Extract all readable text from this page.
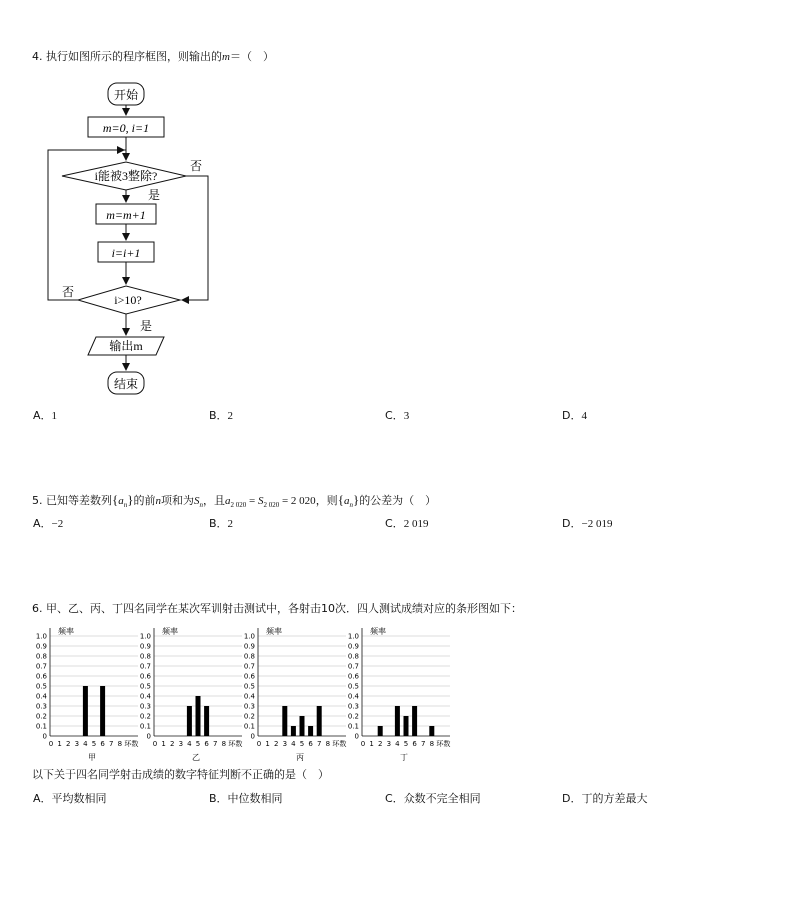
4. 执行如图所示的程序框图，则输出的m＝（　）
开始
m=0, i=1
i能被3整除?
是
否
m=m+1
i=i+1
i>10?
是
否
输出m
结束
A．1	B．2	C．3	D．4
5. 已知等差数列$\{a_n\}$的前n项和为$S_n$，且$a_{2 020} = S_{2 020} = 2$ 020，则$\{a_n\}$的公差为（　）
A．−2	B．2	C．2 019	D．−2 019
6. 甲、乙、丙、丁四名同学在某次军训射击测试中，各射击10次．四人测试成绩对应的条形图如下：
0
0.1
0.2
0.3
0.4
0.5
0.6
0.7
0.8
0.9
1.0
频率
0 1 2 3 4 5 6 7 8 环数
甲
0
0.1
0.2
0.3
0.4
0.5
0.6
0.7
0.8
0.9
1.0
频率
0 1 2 3 4 5 6 7 8 环数
乙
0
0.1
0.2
0.3
0.4
0.5
0.6
0.7
0.8
0.9
1.0
频率
0 1 2 3 4 5 6 7 8 环数
丙
0
0.1
0.2
0.3
0.4
0.5
0.6
0.7
0.8
0.9
1.0
频率
0 1 2 3 4 5 6 7 8 环数
丁
以下关于四名同学射击成绩的数字特征判断不正确的是（　）
A．平均数相同	B．中位数相同	C．众数不完全相同	D．丁的方差最大
